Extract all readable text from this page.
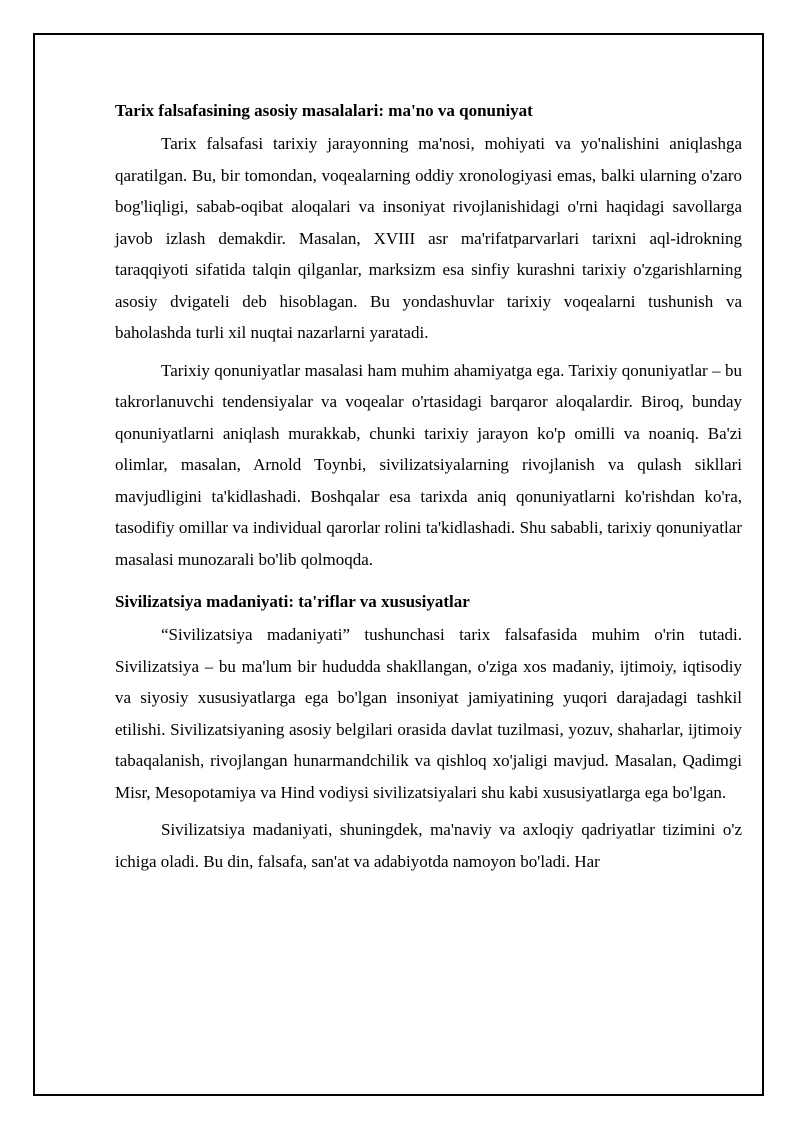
Tarix falsafasining asosiy masalalari: ma'no va qonuniyat

Tarix falsafasi tarixiy jarayonning ma'nosi, mohiyati va yo'nalishini aniqlashga qaratilgan. Bu, bir tomondan, voqealarning oddiy xronologiyasi emas, balki ularning o'zaro bog'liqligi, sabab-oqibat aloqalari va insoniyat rivojlanishidagi o'rni haqidagi savollarga javob izlash demakdir. Masalan, XVIII asr ma'rifatparvarlari tarixni aql-idrokning taraqqiyoti sifatida talqin qilganlar, marksizm esa sinfiy kurashni tarixiy o'zgarishlarning asosiy dvigateli deb hisoblagan. Bu yondashuvlar tarixiy voqealarni tushunish va baholashda turli xil nuqtai nazarlarni yaratadi.

Tarixiy qonuniyatlar masalasi ham muhim ahamiyatga ega. Tarixiy qonuniyatlar – bu takrorlanuvchi tendensiyalar va voqealar o'rtasidagi barqaror aloqalardir. Biroq, bunday qonuniyatlarni aniqlash murakkab, chunki tarixiy jarayon ko'p omilli va noaniq. Ba'zi olimlar, masalan, Arnold Toynbi, sivilizatsiyalarning rivojlanish va qulash sikllari mavjudligini ta'kidlashadi. Boshqalar esa tarixda aniq qonuniyatlarni ko'rishdan ko'ra, tasodifiy omillar va individual qarorlar rolini ta'kidlashadi. Shu sababli, tarixiy qonuniyatlar masalasi munozarali bo'lib qolmoqda.

Sivilizatsiya madaniyati: ta'riflar va xususiyatlar

“Sivilizatsiya madaniyati” tushunchasi tarix falsafasida muhim o'rin tutadi. Sivilizatsiya – bu ma'lum bir hududda shakllangan, o'ziga xos madaniy, ijtimoiy, iqtisodiy va siyosiy xususiyatlarga ega bo'lgan insoniyat jamiyatining yuqori darajadagi tashkil etilishi. Sivilizatsiyaning asosiy belgilari orasida davlat tuzilmasi, yozuv, shaharlar, ijtimoiy tabaqalanish, rivojlangan hunarmandchilik va qishloq xo'jaligi mavjud. Masalan, Qadimgi Misr, Mesopotamiya va Hind vodiysi sivilizatsiyalari shu kabi xususiyatlarga ega bo'lgan.

Sivilizatsiya madaniyati, shuningdek, ma'naviy va axloqiy qadriyatlar tizimini o'z ichiga oladi. Bu din, falsafa, san'at va adabiyotda namoyon bo'ladi. Har
